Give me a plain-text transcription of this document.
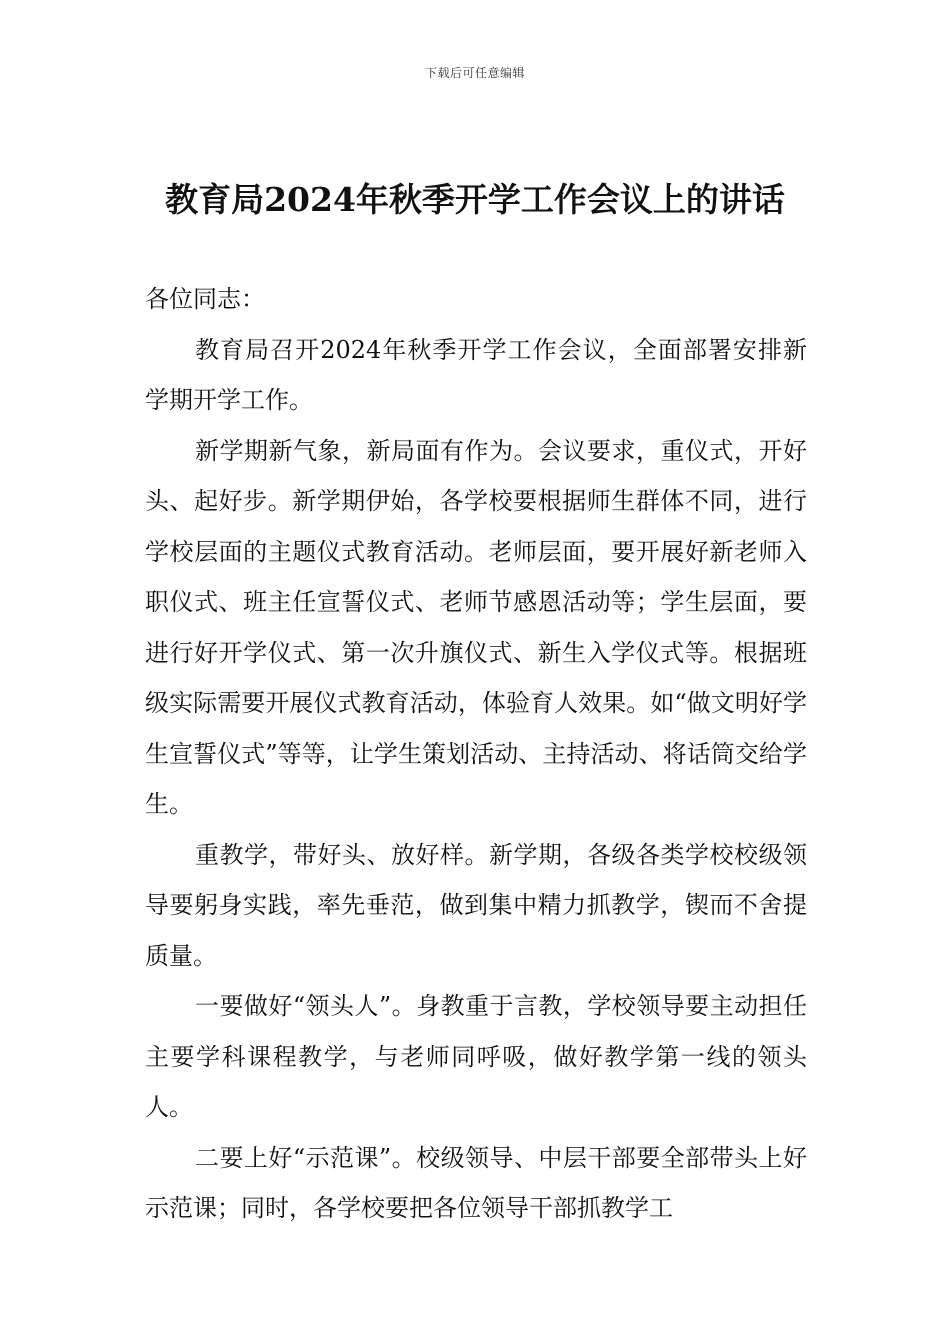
下载后可任意编辑
教育局2024年秋季开学工作会议上的讲话

各位同志：

教育局召开2024年秋季开学工作会议，全面部署安排新学期开学工作。

新学期新气象，新局面有作为。会议要求，重仪式，开好头、起好步。新学期伊始，各学校要根据师生群体不同，进行学校层面的主题仪式教育活动。老师层面，要开展好新老师入职仪式、班主任宣誓仪式、老师节感恩活动等；学生层面，要进行好开学仪式、第一次升旗仪式、新生入学仪式等。根据班级实际需要开展仪式教育活动，体验育人效果。如“做文明好学生宣誓仪式”等等，让学生策划活动、主持活动、将话筒交给学生。

重教学，带好头、放好样。新学期，各级各类学校校级领导要躬身实践，率先垂范，做到集中精力抓教学，锲而不舍提质量。

一要做好“领头人”。身教重于言教，学校领导要主动担任主要学科课程教学，与老师同呼吸，做好教学第一线的领头人。

二要上好“示范课”。校级领导、中层干部要全部带头上好示范课；同时，各学校要把各位领导干部抓教学工
